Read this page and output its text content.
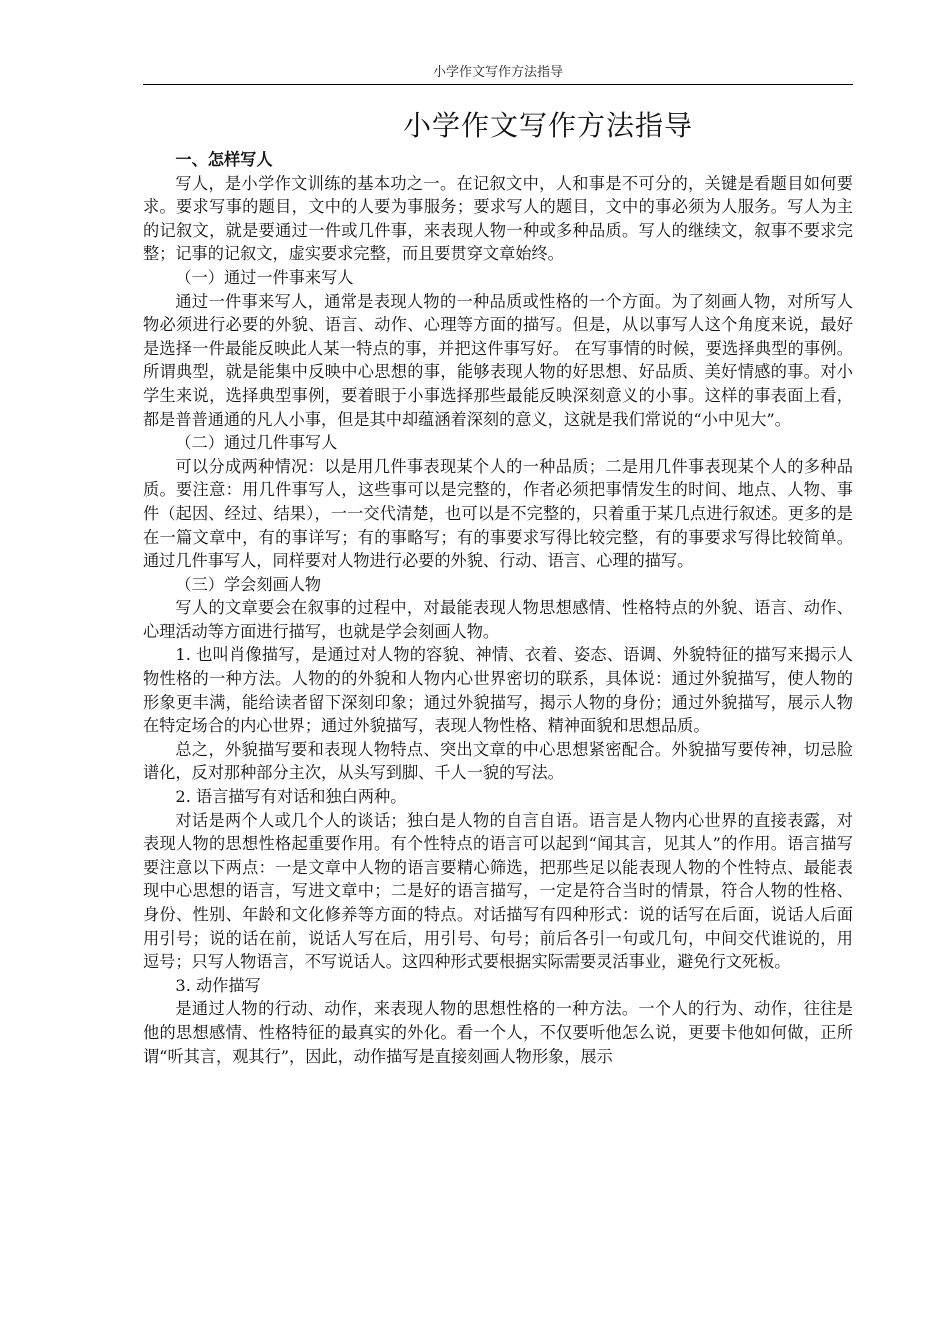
小学作文写作方法指导
小学作文写作方法指导

一、怎样写人

写人，是小学作文训练的基本功之一。在记叙文中，人和事是不可分的，关键是看题目如何要求。要求写事的题目，文中的人要为事服务；要求写人的题目，文中的事必须为人服务。写人为主的记叙文，就是要通过一件或几件事，来表现人物一种或多种品质。写人的继续文，叙事不要求完整；记事的记叙文，虚实要求完整，而且要贯穿文章始终。

（一）通过一件事来写人

通过一件事来写人，通常是表现人物的一种品质或性格的一个方面。为了刻画人物，对所写人物必须进行必要的外貌、语言、动作、心理等方面的描写。但是，从以事写人这个角度来说，最好是选择一件最能反映此人某一特点的事，并把这件事写好。 在写事情的时候，要选择典型的事例。所谓典型，就是能集中反映中心思想的事，能够表现人物的好思想、好品质、美好情感的事。对小学生来说，选择典型事例，要着眼于小事选择那些最能反映深刻意义的小事。这样的事表面上看，都是普普通通的凡人小事，但是其中却蕴涵着深刻的意义，这就是我们常说的“小中见大”。

（二）通过几件事写人

可以分成两种情况：以是用几件事表现某个人的一种品质；二是用几件事表现某个人的多种品质。要注意：用几件事写人，这些事可以是完整的，作者必须把事情发生的时间、地点、人物、事件（起因、经过、结果），一一交代清楚，也可以是不完整的，只着重于某几点进行叙述。更多的是在一篇文章中，有的事详写；有的事略写；有的事要求写得比较完整，有的事要求写得比较简单。 通过几件事写人，同样要对人物进行必要的外貌、行动、语言、心理的描写。

（三）学会刻画人物

写人的文章要会在叙事的过程中，对最能表现人物思想感情、性格特点的外貌、语言、动作、心理活动等方面进行描写，也就是学会刻画人物。

1. 也叫肖像描写，是通过对人物的容貌、神情、衣着、姿态、语调、外貌特征的描写来揭示人物性格的一种方法。人物的的外貌和人物内心世界密切的联系，具体说：通过外貌描写，使人物的形象更丰满，能给读者留下深刻印象；通过外貌描写，揭示人物的身份；通过外貌描写，展示人物在特定场合的内心世界；通过外貌描写，表现人物性格、精神面貌和思想品质。

总之，外貌描写要和表现人物特点、突出文章的中心思想紧密配合。外貌描写要传神，切忌脸谱化，反对那种部分主次，从头写到脚、千人一貌的写法。

2. 语言描写有对话和独白两种。

对话是两个人或几个人的谈话；独白是人物的自言自语。语言是人物内心世界的直接表露，对表现人物的思想性格起重要作用。有个性特点的语言可以起到“闻其言，见其人”的作用。语言描写要注意以下两点：一是文章中人物的语言要精心筛选，把那些足以能表现人物的个性特点、最能表现中心思想的语言，写进文章中；二是好的语言描写，一定是符合当时的情景，符合人物的性格、身份、性别、年龄和文化修养等方面的特点。对话描写有四种形式：说的话写在后面，说话人后面用引号；说的话在前，说话人写在后，用引号、句号；前后各引一句或几句，中间交代谁说的，用逗号；只写人物语言，不写说话人。这四种形式要根据实际需要灵活事业，避免行文死板。

3. 动作描写

是通过人物的行动、动作，来表现人物的思想性格的一种方法。一个人的行为、动作，往往是他的思想感情、性格特征的最真实的外化。看一个人，不仅要听他怎么说，更要卡他如何做，正所谓“听其言，观其行”，因此，动作描写是直接刻画人物形象，展示
